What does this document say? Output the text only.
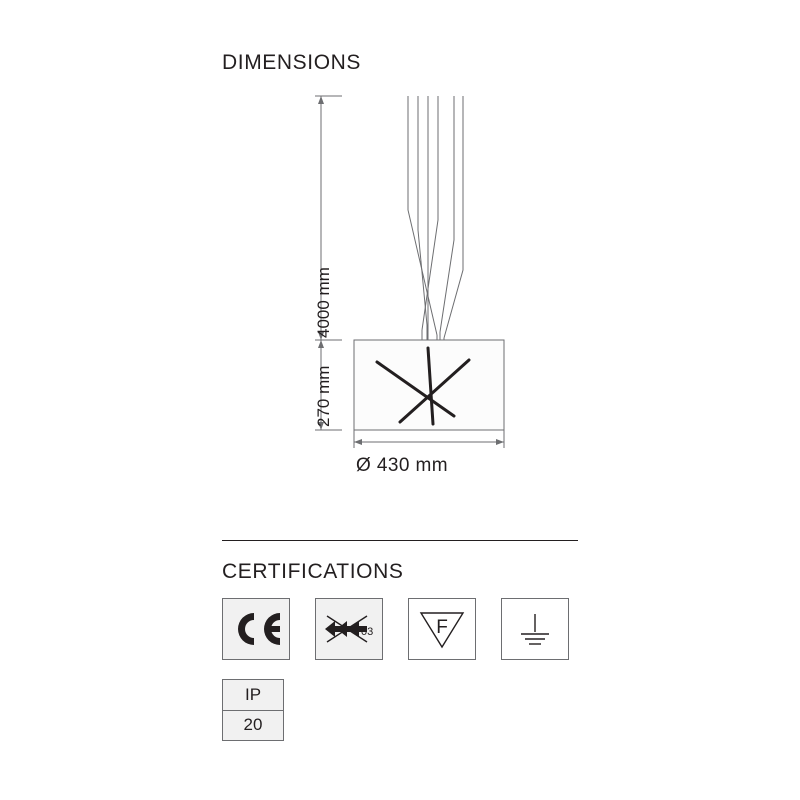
DIMENSIONS
4000 mm
270 mm
Ø 430 mm
CERTIFICATIONS
03	F
IP
20
